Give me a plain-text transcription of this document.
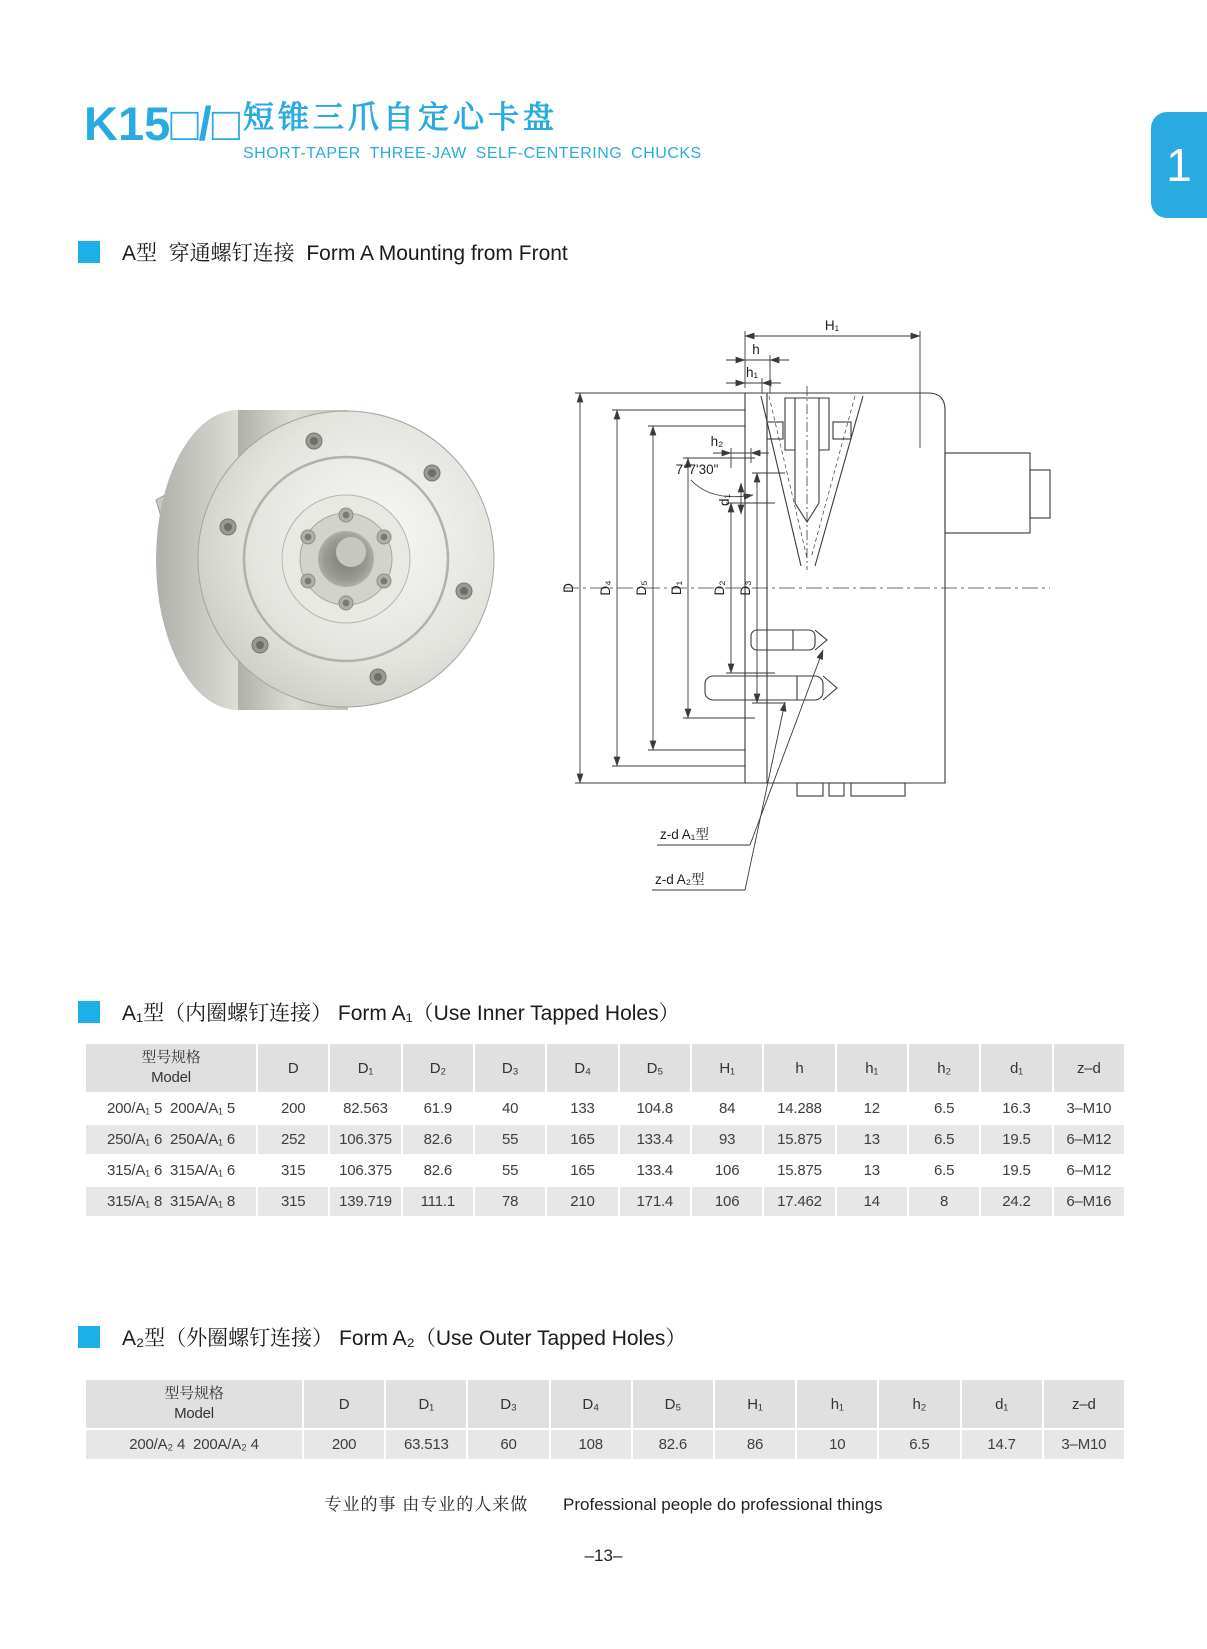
K15□/□ 短锥三爪自定心卡盘
SHORT-TAPER THREE-JAW SELF-CENTERING CHUCKS	1
A型  穿通螺钉连接  Form A Mounting from Front
H₁
h
h₁
h₂
7°7'30"
d₁
D D₄ D₅ D₁ D₂ D₃
z-d A₁型
z-d A₂型
A₁型（内圈螺钉连接） Form A₁（Use Inner Tapped Holes）
型号规格
Model	D	D₁	D₂	D₃	D₄	D₅	H₁	h	h₁	h₂	d₁	z–d
200/A₁ 5  200A/A₁ 5	200	82.563	61.9	40	133	104.8	84	14.288	12	6.5	16.3	3–M10
250/A₁ 6  250A/A₁ 6	252	106.375	82.6	55	165	133.4	93	15.875	13	6.5	19.5	6–M12
315/A₁ 6  315A/A₁ 6	315	106.375	82.6	55	165	133.4	106	15.875	13	6.5	19.5	6–M12
315/A₁ 8  315A/A₁ 8	315	139.719	111.1	78	210	171.4	106	17.462	14	8	24.2	6–M16
A₂型（外圈螺钉连接） Form A₂（Use Outer Tapped Holes）
型号规格
Model	D	D₁	D₃	D₄	D₅	H₁	h₁	h₂	d₁	z–d
200/A₂ 4  200A/A₂ 4	200	63.513	60	108	82.6	86	10	6.5	14.7	3–M10
专业的事 由专业的人来做 Professional people do professional things
–13–
